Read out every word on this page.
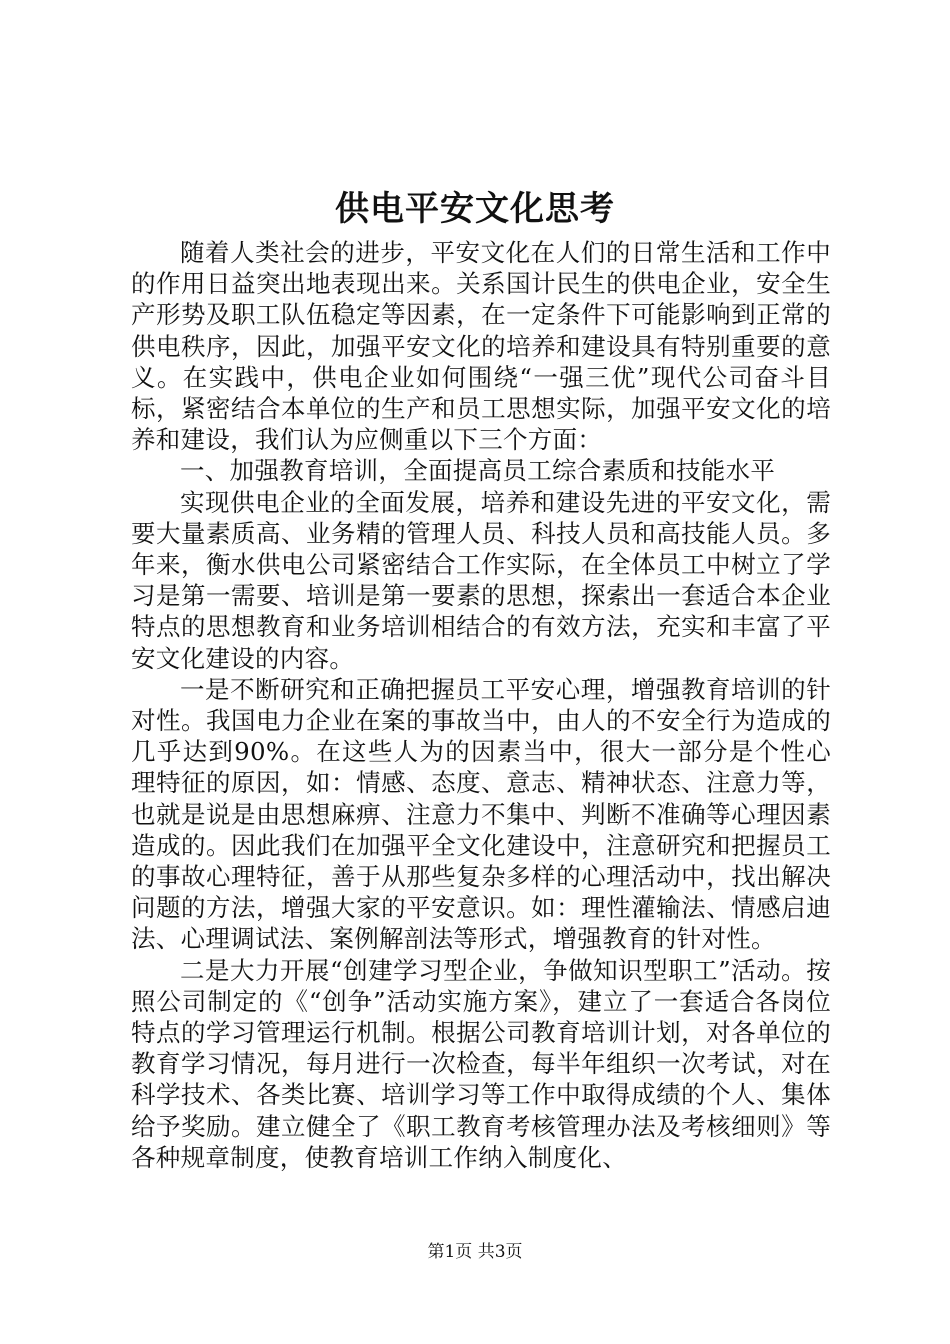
供电平安文化思考

随着人类社会的进步，平安文化在人们的日常生活和工作中的作用日益突出地表现出来。关系国计民生的供电企业，安全生产形势及职工队伍稳定等因素，在一定条件下可能影响到正常的供电秩序，因此，加强平安文化的培养和建设具有特别重要的意义。在实践中，供电企业如何围绕“一强三优”现代公司奋斗目标，紧密结合本单位的生产和员工思想实际，加强平安文化的培养和建设，我们认为应侧重以下三个方面：

一、加强教育培训，全面提高员工综合素质和技能水平

实现供电企业的全面发展，培养和建设先进的平安文化，需要大量素质高、业务精的管理人员、科技人员和高技能人员。多年来，衡水供电公司紧密结合工作实际，在全体员工中树立了学习是第一需要、培训是第一要素的思想，探索出一套适合本企业特点的思想教育和业务培训相结合的有效方法，充实和丰富了平安文化建设的内容。

一是不断研究和正确把握员工平安心理，增强教育培训的针对性。我国电力企业在案的事故当中，由人的不安全行为造成的几乎达到90%。在这些人为的因素当中，很大一部分是个性心理特征的原因，如：情感、态度、意志、精神状态、注意力等，也就是说是由思想麻痹、注意力不集中、判断不准确等心理因素造成的。因此我们在加强平全文化建设中，注意研究和把握员工的事故心理特征，善于从那些复杂多样的心理活动中，找出解决问题的方法，增强大家的平安意识。如：理性灌输法、情感启迪法、心理调试法、案例解剖法等形式，增强教育的针对性。

二是大力开展“创建学习型企业，争做知识型职工”活动。按照公司制定的《“创争”活动实施方案》，建立了一套适合各岗位特点的学习管理运行机制。根据公司教育培训计划，对各单位的教育学习情况，每月进行一次检查，每半年组织一次考试，对在科学技术、各类比赛、培训学习等工作中取得成绩的个人、集体给予奖励。建立健全了《职工教育考核管理办法及考核细则》等各种规章制度，使教育培训工作纳入制度化、

第1页 共3页
